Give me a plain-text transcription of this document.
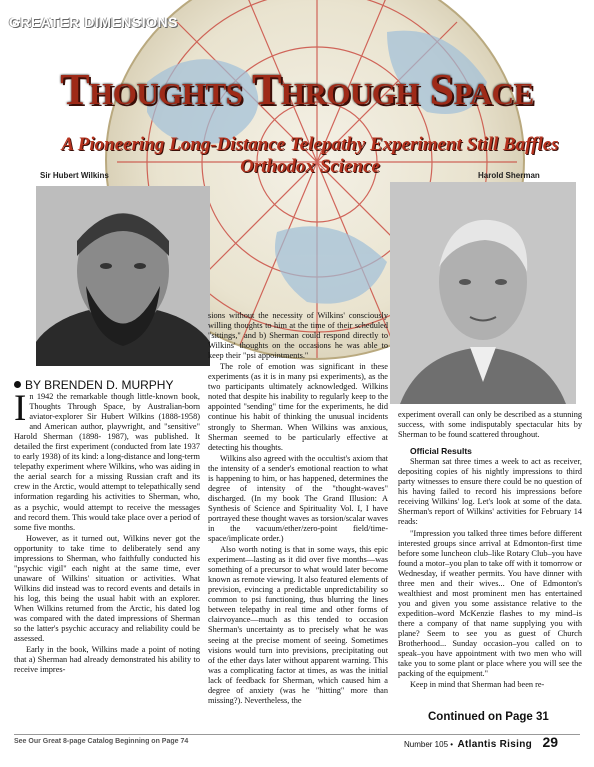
GREATER DIMENSIONS
Thoughts Through Space
A Pioneering Long-Distance Telepathy Experiment Still Baffles Orthodox Science
Sir Hubert Wilkins	Harold Sherman
BY BRENDEN D. MURPHY

In 1942 the remarkable though little-known book, Thoughts Through Space, by Australian-born aviator-explorer Sir Hubert Wilkins (1888-1958) and American author, playwright, and "sensitive" Harold Sherman (1898- 1987), was published. It detailed the first experiment (conducted from late 1937 to early 1938) of its kind: a long-distance and long-term telepathy experiment where Wilkins, who was aiding in the aerial search for a missing Russian craft and its crew in the Arctic, would attempt to telepathically send information regarding his activities to Sherman, who, as a psychic, would attempt to receive the messages and record them. This would take place over a period of some five months.

However, as it turned out, Wilkins never got the opportunity to take time to deliberately send any impressions to Sherman, who faithfully conducted his "psychic vigil" each night at the same time, ever unaware of Wilkins' situation or activities. What Wilkins did instead was to record events and details in his log, this being the usual habit with an explorer. When Wilkins returned from the Arctic, his dated log was compared with the dated impressions of Sherman so the latter's psychic accuracy and reliability could be assessed.

Early in the book, Wilkins made a point of noting that a) Sherman had already demonstrated his ability to receive impres-

sions without the necessity of Wilkins' consciously willing thoughts to him at the time of their scheduled "sittings," and b) Sherman could respond directly to Wilkins' thoughts on the occasions he was able to keep their "psi appointments."

The role of emotion was significant in these experiments (as it is in many psi experiments), as the two participants ultimately acknowledged. Wilkins noted that despite his inability to regularly keep to the appointed "sending" time for the experiments, he did continue his habit of thinking the unusual incidents strongly to Sherman. When Wilkins was anxious, Sherman seemed to be particularly effective at detecting his thoughts.

Wilkins also agreed with the occultist's axiom that the intensity of a sender's emotional reaction to what is happening to him, or has happened, determines the degree of intensity of the "thought-waves" discharged. (In my book The Grand Illusion: A Synthesis of Science and Spirituality Vol. I, I have portrayed these thought waves as torsion/scalar waves in the vacuum/ether/zero-point field/time-space/implicate order.)

Also worth noting is that in some ways, this epic experiment—lasting as it did over five months—was something of a precursor to what would later become known as remote viewing. It also featured elements of prevision, evincing a predictable unpredictability so common to psi functioning, thus blurring the lines between telepathy in real time and other forms of clairvoyance—much as this tended to occasion Sherman's uncertainty as to precisely what he was seeing at the precise moment of seeing. Sometimes visions would turn into previsions, precipitating out of the ether days later without apparent warning. This was a complicating factor at times, as was the initial lack of feedback for Sherman, which caused him a degree of anxiety (was he "hitting" more than missing?). Nevertheless, the

experiment overall can only be described as a stunning success, with some indisputably spectacular hits by Sherman to be found scattered throughout.

Official Results

Sherman sat three times a week to act as receiver, depositing copies of his nightly impressions to third party witnesses to ensure there could be no question of his having failed to record his impressions before receiving Wilkins' log. Let's look at some of the data. Sherman's report of Wilkins' activities for February 14 reads:

"Impression you talked three times before different interested groups since arrival at Edmonton-first time before some luncheon club–like Rotary Club–you have found a motor–you plan to take off with it tomorrow or Wednesday, if weather permits. You have dinner with three men and their wives... One of Edmonton's wealthiest and most prominent men has entertained you and given you some assistance relative to the expedition–word McKenzie flashes to my mind–is there a company of that name supplying you with plane? Seem to see you as guest of Church Brotherhood... Sunday occasion–you called on to speak–you have appointment with two men who will take you to some plant or place where you will see the packing of the equipment."

Keep in mind that Sherman had been re-

Continued on Page 31
See Our Great 8-page Catalog Beginning on Page 74	Number 105 • Atlantis Rising 29
